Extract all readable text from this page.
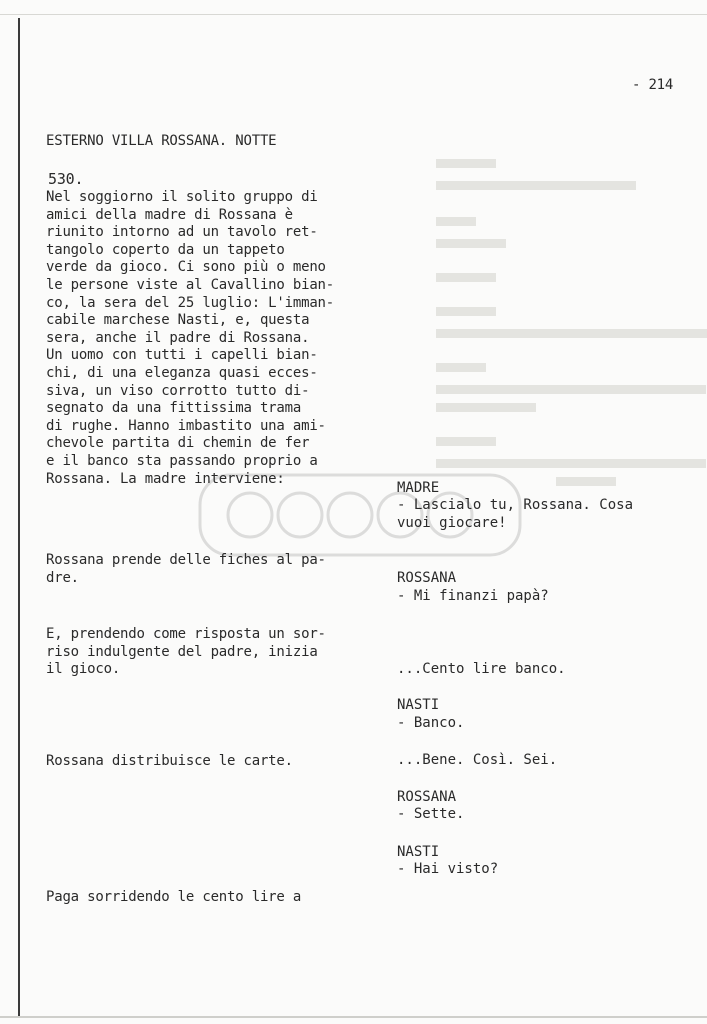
- 214
ESTERNO VILLA ROSSANA. NOTTE
530.
Nel soggiorno il solito gruppo di
amici della madre di Rossana è
riunito intorno ad un tavolo ret-
tangolo coperto da un tappeto
verde da gioco. Ci sono più o meno
le persone viste al Cavallino bian-
co, la sera del 25 luglio: L'imman-
cabile marchese Nasti, e, questa
sera, anche il padre di Rossana.
Un uomo con tutti i capelli bian-
chi, di una eleganza quasi ecces-
siva, un viso corrotto tutto di-
segnato da una fittissima trama
di rughe. Hanno imbastito una ami-
chevole partita di chemin de fer
e il banco sta passando proprio a
Rossana. La madre interviene:
Rossana prende delle fiches al pa-
dre.
E, prendendo come risposta un sor-
riso indulgente del padre, inizia
il gioco.
Rossana distribuisce le carte.
Paga sorridendo le cento lire a
MADRE
- Lascialo tu, Rossana. Cosa
vuoi giocare!
ROSSANA
- Mi finanzi papà?
...Cento lire banco.
NASTI
- Banco.
...Bene. Così. Sei.
ROSSANA
- Sette.
NASTI
- Hai visto?
